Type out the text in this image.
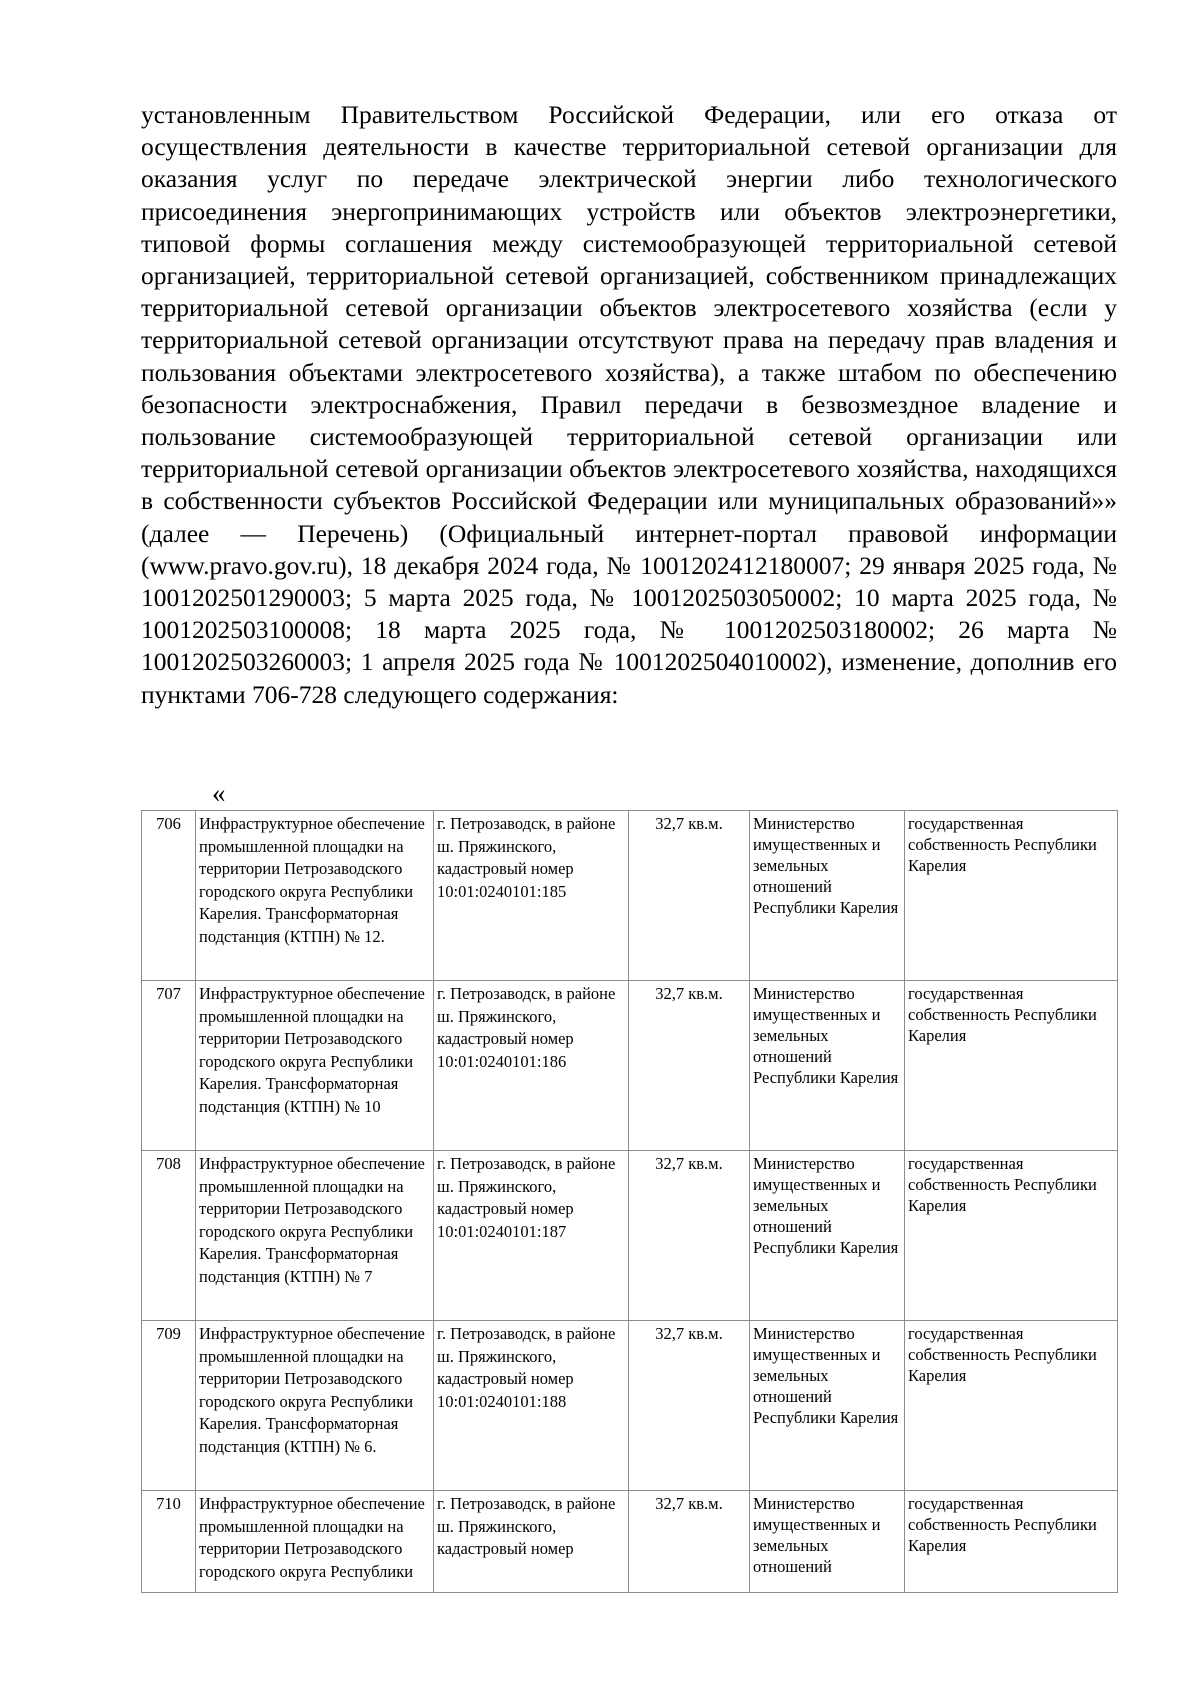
установленным Правительством Российской Федерации, или его отказа от осуществления деятельности в качестве территориальной сетевой организации для оказания услуг по передаче электрической энергии либо технологического присоединения энергопринимающих устройств или объектов электроэнергетики, типовой формы соглашения между системообразующей территориальной сетевой организацией, территориальной сетевой организацией, собственником принадлежащих территориальной сетевой организации объектов электросетевого хозяйства (если у территориальной сетевой организации отсутствуют права на передачу прав владения и пользования объектами электросетевого хозяйства), а также штабом по обеспечению безопасности электроснабжения, Правил передачи в безвозмездное владение и пользование системообразующей территориальной сетевой организации или территориальной сетевой организации объектов электросетевого хозяйства, находящихся в собственности субъектов Российской Федерации или муниципальных образований»» (далее — Перечень) (Официальный интернет-портал правовой информации (www.pravo.gov.ru), 18 декабря 2024 года, № 1001202412180007; 29 января 2025 года, № 1001202501290003; 5 марта 2025 года, № 1001202503050002; 10 марта 2025 года, № 1001202503100008; 18 марта 2025 года, № 1001202503180002; 26 марта № 1001202503260003; 1 апреля 2025 года № 1001202504010002), изменение, дополнив его пунктами 706-728 следующего содержания:

«
706	Инфраструктурное обеспечение промышленной площадки на территории Петрозаводского городского округа Республики Карелия. Трансформаторная подстанция (КТПН) № 12.	г. Петрозаводск, в районе ш. Пряжинского, кадастровый номер 10:01:0240101:185	32,7 кв.м.	Министерство имущественных и земельных отношений Республики Карелия	государственная собственность Республики Карелия
707	Инфраструктурное обеспечение промышленной площадки на территории Петрозаводского городского округа Республики Карелия. Трансформаторная подстанция (КТПН) № 10	г. Петрозаводск, в районе ш. Пряжинского, кадастровый номер 10:01:0240101:186	32,7 кв.м.	Министерство имущественных и земельных отношений Республики Карелия	государственная собственность Республики Карелия
708	Инфраструктурное обеспечение промышленной площадки на территории Петрозаводского городского округа Республики Карелия. Трансформаторная подстанция (КТПН) № 7	г. Петрозаводск, в районе ш. Пряжинского, кадастровый номер 10:01:0240101:187	32,7 кв.м.	Министерство имущественных и земельных отношений Республики Карелия	государственная собственность Республики Карелия
709	Инфраструктурное обеспечение промышленной площадки на территории Петрозаводского городского округа Республики Карелия. Трансформаторная подстанция (КТПН) № 6.	г. Петрозаводск, в районе ш. Пряжинского, кадастровый номер 10:01:0240101:188	32,7 кв.м.	Министерство имущественных и земельных отношений Республики Карелия	государственная собственность Республики Карелия
710	Инфраструктурное обеспечение промышленной площадки на территории Петрозаводского городского округа Республики	г. Петрозаводск, в районе ш. Пряжинского, кадастровый номер	32,7 кв.м.	Министерство имущественных и земельных отношений	государственная собственность Республики Карелия
